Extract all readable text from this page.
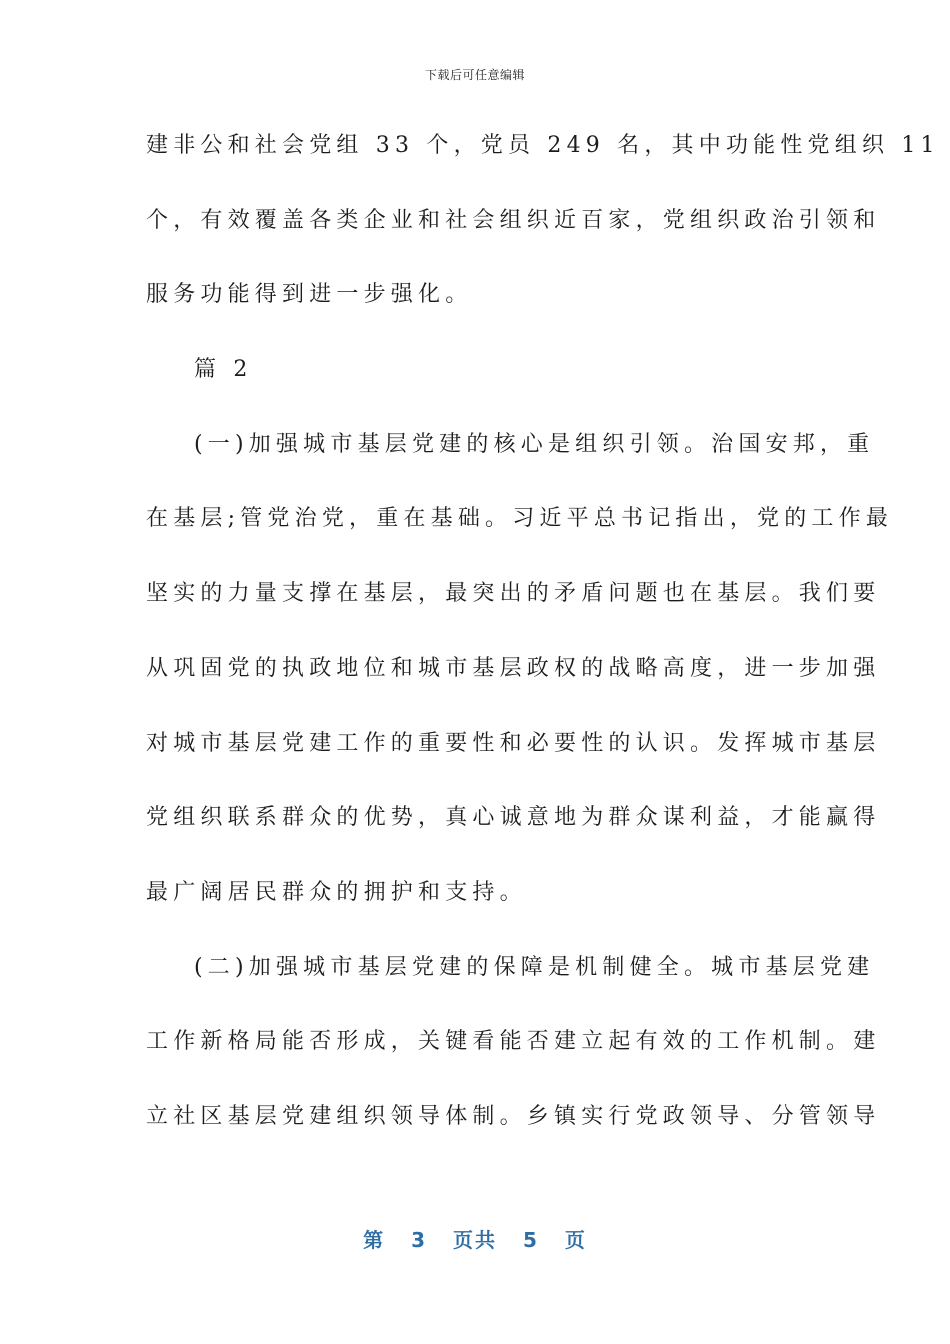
下载后可任意编辑
建非公和社会党组 33 个，党员 249 名，其中功能性党组织 11
个，有效覆盖各类企业和社会组织近百家，党组织政治引领和
服务功能得到进一步强化。
篇 2
(一)加强城市基层党建的核心是组织引领。治国安邦，重
在基层;管党治党，重在基础。习近平总书记指出，党的工作最
坚实的力量支撑在基层，最突出的矛盾问题也在基层。我们要
从巩固党的执政地位和城市基层政权的战略高度，进一步加强
对城市基层党建工作的重要性和必要性的认识。发挥城市基层
党组织联系群众的优势，真心诚意地为群众谋利益，才能赢得
最广阔居民群众的拥护和支持。
(二)加强城市基层党建的保障是机制健全。城市基层党建
工作新格局能否形成，关键看能否建立起有效的工作机制。建
立社区基层党建组织领导体制。乡镇实行党政领导、分管领导
第 3 页共 5 页
